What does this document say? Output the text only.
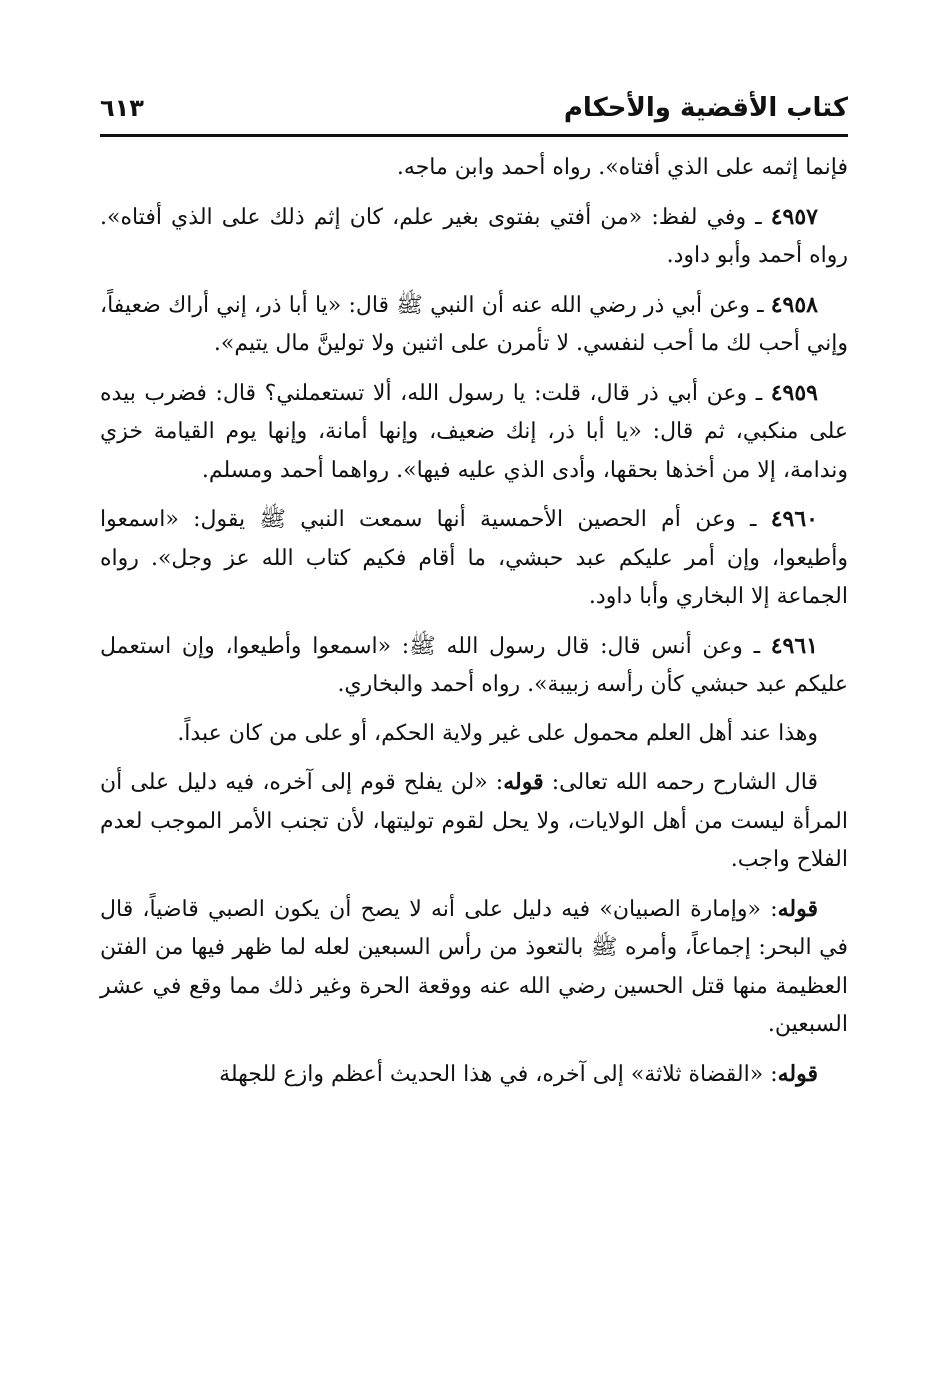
كتاب الأقضية والأحكام
٦١٣

فإنما إثمه على الذي أفتاه». رواه أحمد وابن ماجه.

٤٩٥٧ ـ وفي لفظ: «من أفتي بفتوى بغير علم، كان إثم ذلك على الذي أفتاه». رواه أحمد وأبو داود.

٤٩٥٨ ـ وعن أبي ذر رضي الله عنه أن النبي ﷺ قال: «يا أبا ذر، إني أراك ضعيفاً، وإني أحب لك ما أحب لنفسي. لا تأمرن على اثنين ولا تولينَّ مال يتيم».

٤٩٥٩ ـ وعن أبي ذر قال، قلت: يا رسول الله، ألا تستعملني؟ قال: فضرب بيده على منكبي، ثم قال: «يا أبا ذر، إنك ضعيف، وإنها أمانة، وإنها يوم القيامة خزي وندامة، إلا من أخذها بحقها، وأدى الذي عليه فيها». رواهما أحمد ومسلم.

٤٩٦٠ ـ وعن أم الحصين الأحمسية أنها سمعت النبي ﷺ يقول: «اسمعوا وأطيعوا، وإن أمر عليكم عبد حبشي، ما أقام فكيم كتاب الله عز وجل». رواه الجماعة إلا البخاري وأبا داود.

٤٩٦١ ـ وعن أنس قال: قال رسول الله ﷺ: «اسمعوا وأطيعوا، وإن استعمل عليكم عبد حبشي كأن رأسه زبيبة». رواه أحمد والبخاري.

وهذا عند أهل العلم محمول على غير ولاية الحكم، أو على من كان عبداً.

قال الشارح رحمه الله تعالى: قوله: «لن يفلح قوم إلى آخره، فيه دليل على أن المرأة ليست من أهل الولايات، ولا يحل لقوم توليتها، لأن تجنب الأمر الموجب لعدم الفلاح واجب.

قوله: «وإمارة الصبيان» فيه دليل على أنه لا يصح أن يكون الصبي قاضياً، قال في البحر: إجماعاً، وأمره ﷺ بالتعوذ من رأس السبعين لعله لما ظهر فيها من الفتن العظيمة منها قتل الحسين رضي الله عنه ووقعة الحرة وغير ذلك مما وقع في عشر السبعين.

قوله: «القضاة ثلاثة» إلى آخره، في هذا الحديث أعظم وازع للجهلة
